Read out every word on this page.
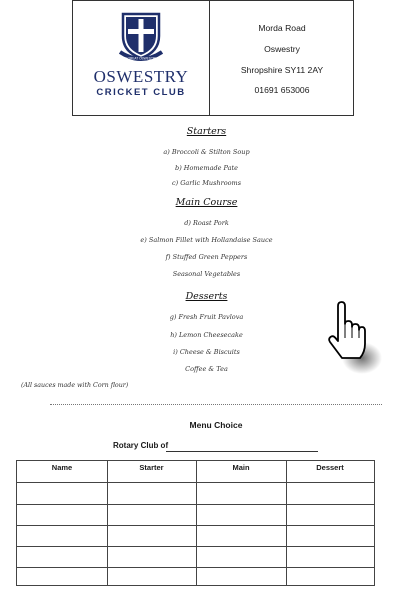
FLOREAT OSWESTRIA
OSWESTRY
CRICKET CLUB
Morda Road
Oswestry
Shropshire SY11 2AY
01691 653006
Starters
a) Broccoli & Stilton Soup
b) Homemade Pate
c) Garlic Mushrooms
Main Course
d) Roast Pork
e) Salmon Fillet with Hollandaise Sauce
f) Stuffed Green Peppers
Seasonal Vegetables
Desserts
g) Fresh Fruit Pavlova
h) Lemon Cheesecake
i) Cheese & Biscuits
Coffee & Tea
(All sauces made with Corn flour)
Menu Choice
Rotary Club of
Name	Starter	Main	Dessert
